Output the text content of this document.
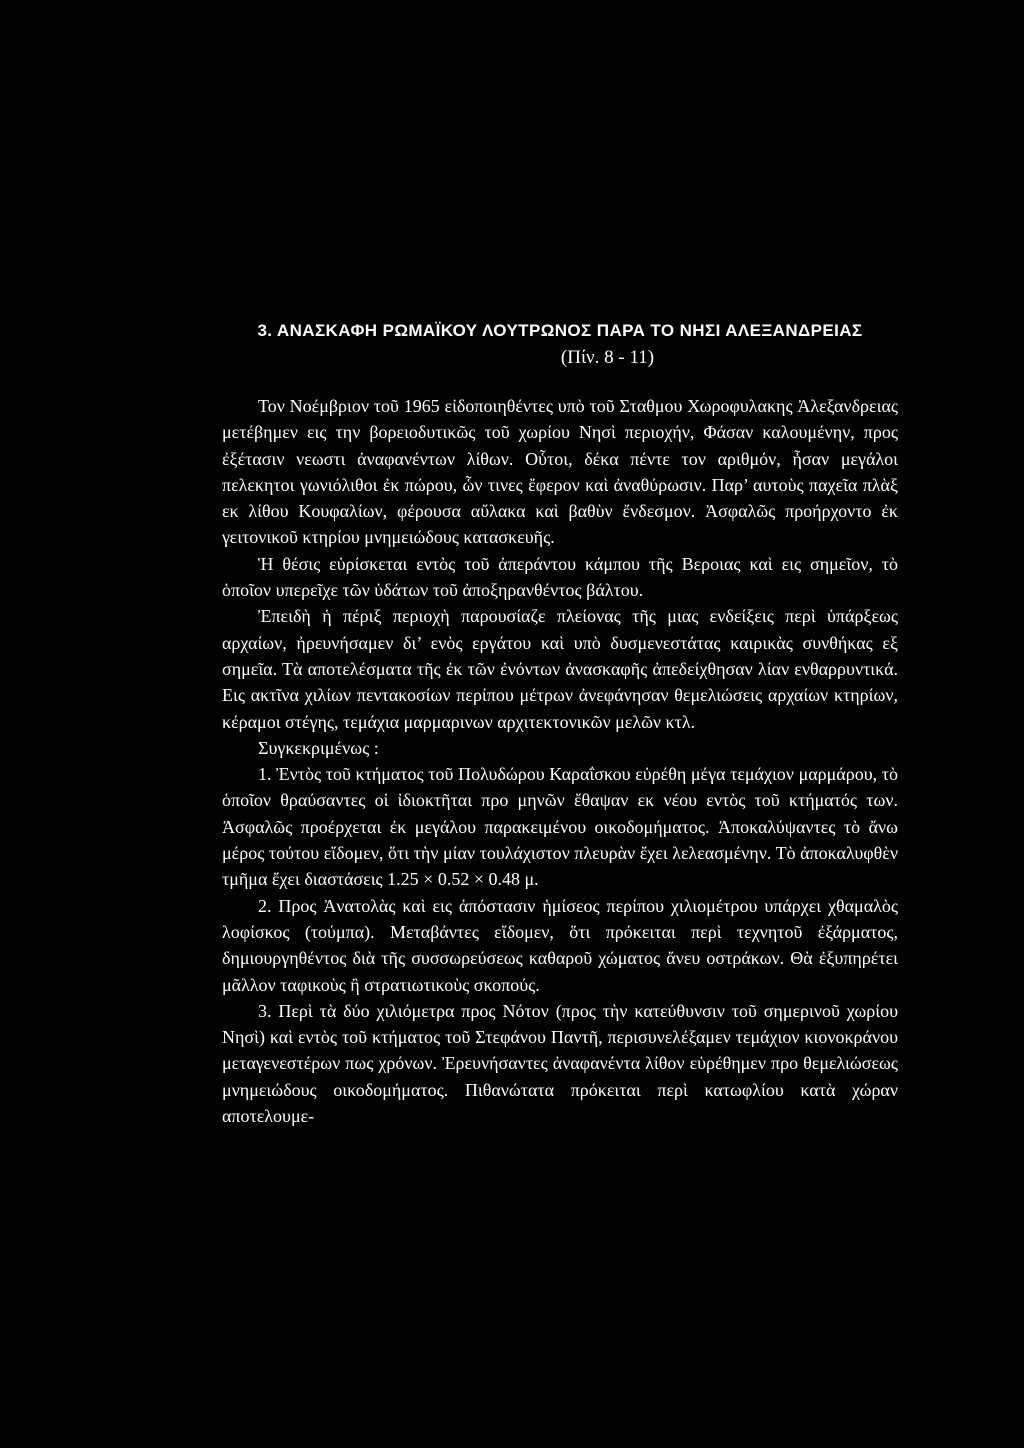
3. ΑΝΑΣΚΑΦΗ ΡΩΜΑΪΚΟΥ ΛΟΥΤΡΩΝΟΣ ΠΑΡΑ ΤΟ ΝΗΣΙ ΑΛΕΞΑΝΔΡΕΙΑΣ
(Πίν. 8 - 11)

Τον Νοέμβριον τοῦ 1965 εἰδοποιηθέντες υπὸ τοῦ Σταθμου Χωροφυλακης Ἀλεξανδρειας μετέβημεν εις την βορειοδυτικῶς τοῦ χωρίου Νησὶ περιοχήν, Φάσαν καλουμένην, προς ἐξέτασιν νεωστι ἀναφανέντων λίθων. Οὗτοι, δέκα πέντε τον αριθμόν, ἦσαν μεγάλοι πελεκητοι γωνιόλιθοι ἐκ πώρου, ὧν τινες ἔφερον καὶ ἀναθύρωσιν. Παρ’ αυτοὺς παχεῖα πλὰξ εκ λίθου Κουφαλίων, φέρουσα αὔλακα καὶ βαθὺν ἔνδεσμον. Ἀσφαλῶς προήρχοντο ἐκ γειτονικοῦ κτηρίου μνημειώδους κατασκευῆς.

Ἡ θέσις εὑρίσκεται εντὸς τοῦ ἀπεράντου κάμπου τῆς Βεροιας καὶ εις σημεῖον, τὸ ὁποῖον υπερεῖχε τῶν ὑδάτων τοῦ ἀποξηρανθέντος βάλτου.

Ἐπειδὴ ἡ πέριξ περιοχὴ παρουσίαζε πλείονας τῆς μιας ενδείξεις περὶ ὑπάρξεως αρχαίων, ἠρευνήσαμεν δι’ ενὸς εργάτου καὶ υπὸ δυσμενεστάτας καιρικὰς συνθήκας εξ σημεῖα. Τὰ αποτελέσματα τῆς ἐκ τῶν ἐνόντων ἀνασκαφῆς ἀπεδείχθησαν λίαν ενθαρρυντικά. Εις ακτῖνα χιλίων πεντακοσίων περίπου μέτρων ἀνεφάνησαν θεμελιώσεις αρχαίων κτηρίων, κέραμοι στέγης, τεμάχια μαρμαρινων αρχιτεκτονικῶν μελῶν κτλ.

Συγκεκριμένως :

1. Ἐντὸς τοῦ κτήματος τοῦ Πολυδώρου Καραΐσκου εὑρέθη μέγα τεμάχιον μαρμάρου, τὸ ὁποῖον θραύσαντες οἱ ἰδιοκτῆται προ μηνῶν ἔθαψαν εκ νέου εντὸς τοῦ κτήματός των. Ἀσφαλῶς προέρχεται ἐκ μεγάλου παρακειμένου οικοδομήματος. Ἀποκαλύψαντες τὸ ἄνω μέρος τούτου εἴδομεν, ὅτι τὴν μίαν τουλάχιστον πλευρὰν ἔχει λελεασμένην. Τὸ ἀποκαλυφθὲν τμῆμα ἔχει διαστάσεις 1.25 × 0.52 × 0.48 μ.

2. Προς Ἀνατολὰς καὶ εις ἀπόστασιν ἡμίσεος περίπου χιλιομέτρου υπάρχει χθαμαλὸς λοφίσκος (τούμπα). Μεταβάντες εἴδομεν, ὅτι πρόκειται περὶ τεχνητοῦ ἐξάρματος, δημιουργηθέντος διὰ τῆς συσσωρεύσεως καθαροῦ χώματος ἄνευ οστράκων. Θὰ ἐξυπηρέτει μᾶλλον ταφικοὺς ἢ στρατιωτικοὺς σκοπούς.

3. Περὶ τὰ δύο χιλιόμετρα προς Νότον (προς τὴν κατεύθυνσιν τοῦ σημερινοῦ χωρίου Νησὶ) καὶ εντὸς τοῦ κτήματος τοῦ Στεφάνου Παντῆ, περισυνελέξαμεν τεμάχιον κιονοκράνου μεταγενεστέρων πως χρόνων. Ἐρευνήσαντες ἀναφανέντα λίθον εὑρέθημεν προ θεμελιώσεως μνημειώδους οικοδομήματος. Πιθανώτατα πρόκειται περὶ κατωφλίου κατὰ χώραν αποτελουμε-
